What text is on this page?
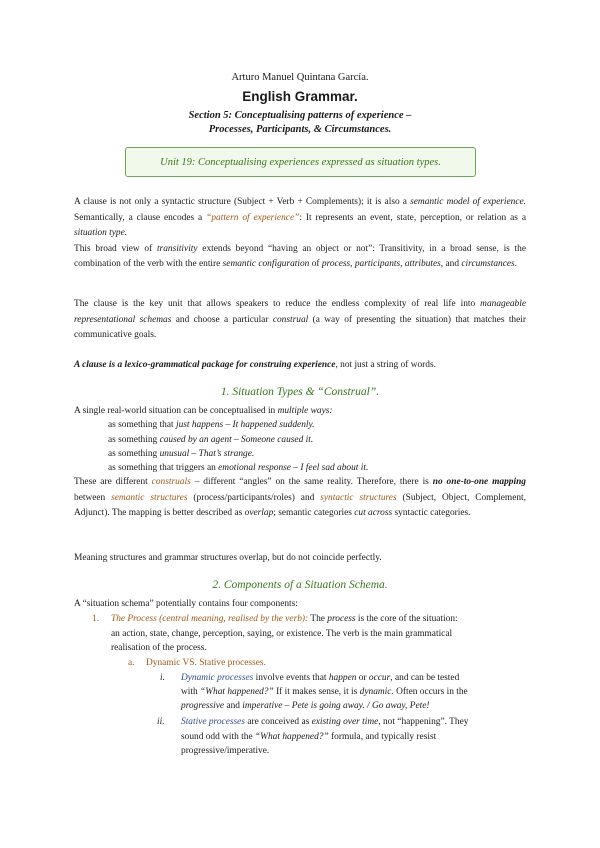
Arturo Manuel Quintana García.
English Grammar.
Section 5: Conceptualising patterns of experience –
Processes, Participants, & Circumstances.
Unit 19: Conceptualising experiences expressed as situation types.

A clause is not only a syntactic structure (Subject + Verb + Complements); it is also a semantic model of experience. Semantically, a clause encodes a “pattern of experience”: It represents an event, state, perception, or relation as a situation type.
This broad view of transitivity extends beyond “having an object or not”: Transitivity, in a broad sense, is the combination of the verb with the entire semantic configuration of process, participants, attributes, and circumstances.

The clause is the key unit that allows speakers to reduce the endless complexity of real life into manageable representational schemas and choose a particular construal (a way of presenting the situation) that matches their communicative goals.

A clause is a lexico-grammatical package for construing experience, not just a string of words.

1. Situation Types & “Construal”.
A single real-world situation can be conceptualised in multiple ways:
as something that just happens – It happened suddenly.
as something caused by an agent – Someone caused it.
as something unusual – That’s strange.
as something that triggers an emotional response – I feel sad about it.

These are different construals – different “angles” on the same reality. Therefore, there is no one-to-one mapping between semantic structures (process/participants/roles) and syntactic structures (Subject, Object, Complement, Adjunct). The mapping is better described as overlap; semantic categories cut across syntactic categories.

Meaning structures and grammar structures overlap, but do not coincide perfectly.
2. Components of a Situation Schema.
A “situation schema” potentially contains four components:
1. The Process (central meaning, realised by the verb): The process is the core of the situation:
an action, state, change, perception, saying, or existence. The verb is the main grammatical
realisation of the process.
a. Dynamic VS. Stative processes.
i. Dynamic processes involve events that happen or occur, and can be tested
with “What happened?” If it makes sense, it is dynamic. Often occurs in the
progressive and imperative – Pete is going away. / Go away, Pete!
ii. Stative processes are conceived as existing over time, not “happening”. They
sound odd with the “What happened?” formula, and typically resist
progressive/imperative.
